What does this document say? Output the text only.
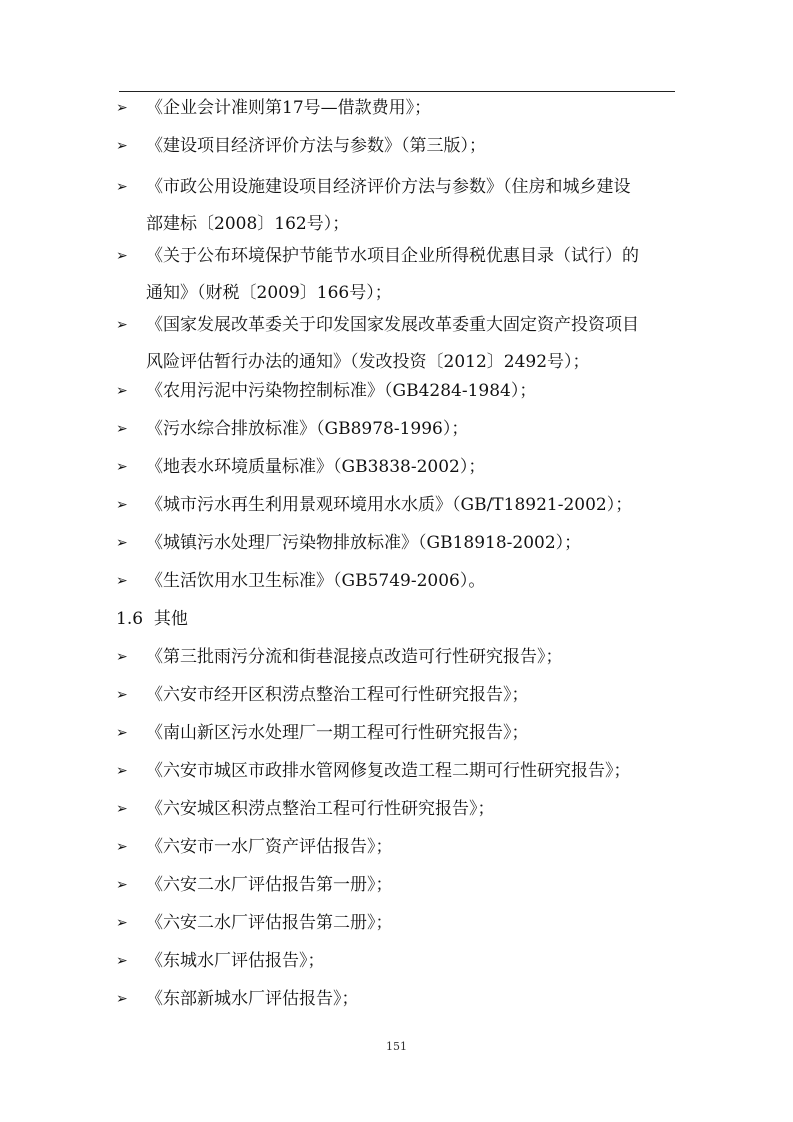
➢	《企业会计准则第17号—借款费用》；
➢	《建设项目经济评价方法与参数》（第三版）；
➢	《市政公用设施建设项目经济评价方法与参数》（住房和城乡建设
部建标〔2008〕162号）；
➢	《关于公布环境保护节能节水项目企业所得税优惠目录（试行）的
通知》（财税〔2009〕166号）；
➢	《国家发展改革委关于印发国家发展改革委重大固定资产投资项目
风险评估暂行办法的通知》（发改投资〔2012〕2492号）；
➢	《农用污泥中污染物控制标准》（GB4284-1984）；
➢	《污水综合排放标准》（GB8978-1996）；
➢	《地表水环境质量标准》（GB3838-2002）；
➢	《城市污水再生利用景观环境用水水质》（GB/T18921-2002）；
➢	《城镇污水处理厂污染物排放标准》（GB18918-2002）；
➢	《生活饮用水卫生标准》（GB5749-2006）。
1.6 其他
➢	《第三批雨污分流和街巷混接点改造可行性研究报告》；
➢	《六安市经开区积涝点整治工程可行性研究报告》；
➢	《南山新区污水处理厂一期工程可行性研究报告》；
➢	《六安市城区市政排水管网修复改造工程二期可行性研究报告》；
➢	《六安城区积涝点整治工程可行性研究报告》；
➢	《六安市一水厂资产评估报告》；
➢	《六安二水厂评估报告第一册》；
➢	《六安二水厂评估报告第二册》；
➢	《东城水厂评估报告》；
➢	《东部新城水厂评估报告》；
151
